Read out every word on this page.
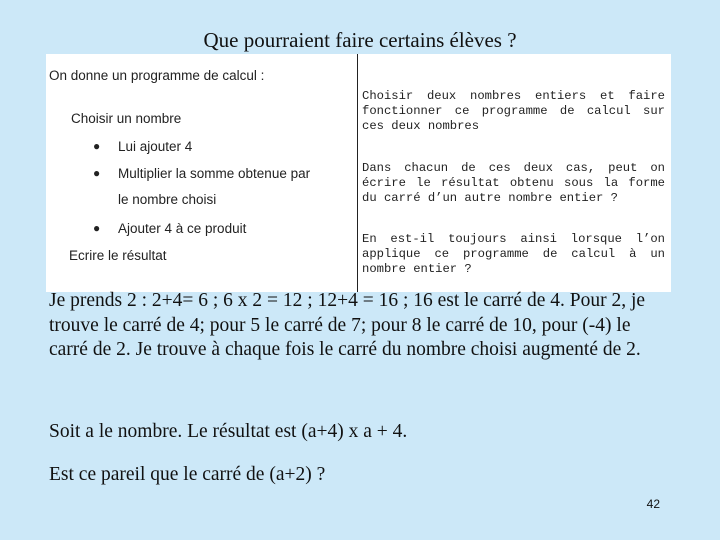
Que pourraient faire certains élèves ?
On donne un programme de calcul :
Choisir un nombre
● Lui ajouter 4
● Multiplier la somme obtenue par
le nombre choisi
● Ajouter 4 à ce produit
Ecrire le résultat
Choisir deux nombres entiers et faire fonctionner ce programme de calcul sur ces deux nombres
Dans chacun de ces deux cas, peut on écrire le résultat obtenu sous la forme du carré d’un autre nombre entier ?
En est-il toujours ainsi lorsque l’on applique ce programme de calcul à un nombre entier ?
Je prends 2 : 2+4= 6 ; 6 x 2 = 12 ; 12+4 = 16 ; 16 est le carré de 4. Pour 2, je trouve le carré de 4; pour 5 le carré de 7; pour 8 le carré de 10, pour (-4) le carré de 2. Je trouve à chaque fois le carré du nombre choisi augmenté de 2.
Soit a le nombre. Le résultat est (a+4) x a + 4.
Est ce pareil que le carré de (a+2) ?
42
